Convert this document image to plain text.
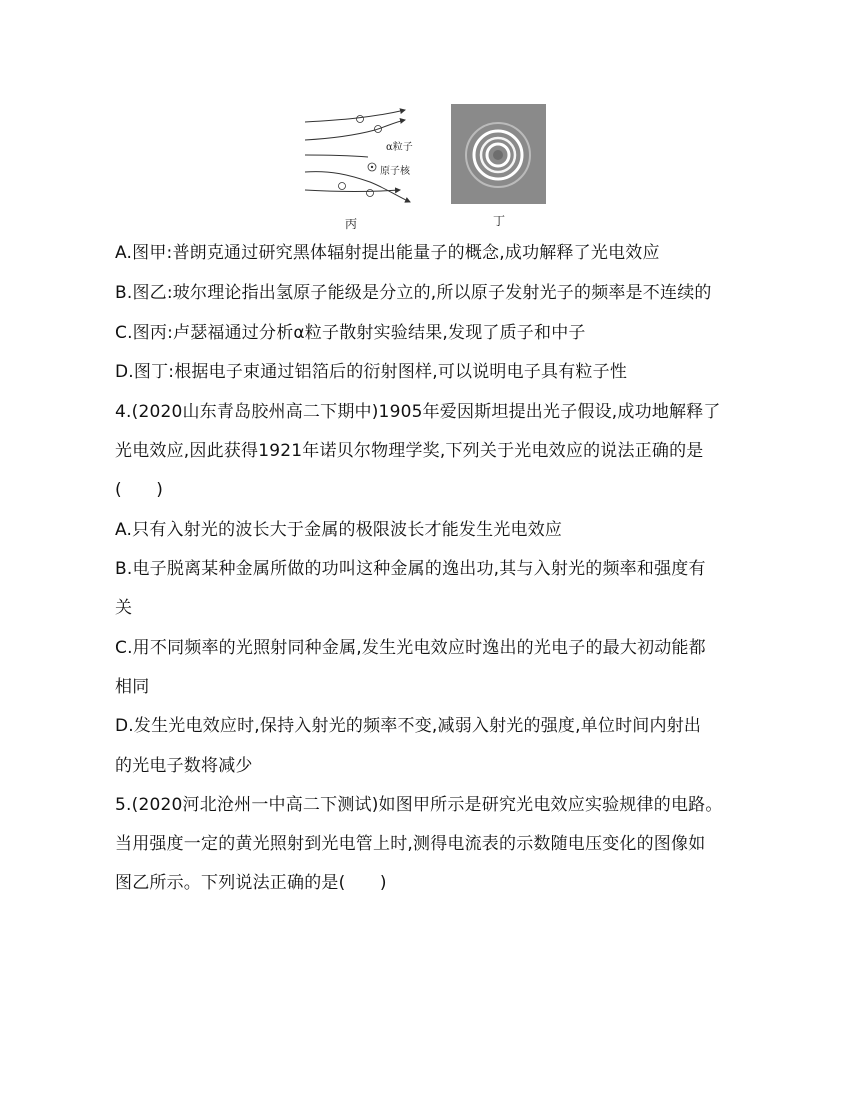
α粒子
原子核
丙	丁
A.图甲:普朗克通过研究黑体辐射提出能量子的概念,成功解释了光电效应
B.图乙:玻尔理论指出氢原子能级是分立的,所以原子发射光子的频率是不连续的
C.图丙:卢瑟福通过分析α粒子散射实验结果,发现了质子和中子
D.图丁:根据电子束通过铝箔后的衍射图样,可以说明电子具有粒子性
4.(2020山东青岛胶州高二下期中)1905年爱因斯坦提出光子假设,成功地解释了
光电效应,因此获得1921年诺贝尔物理学奖,下列关于光电效应的说法正确的是
(　　)
A.只有入射光的波长大于金属的极限波长才能发生光电效应
B.电子脱离某种金属所做的功叫这种金属的逸出功,其与入射光的频率和强度有
关
C.用不同频率的光照射同种金属,发生光电效应时逸出的光电子的最大初动能都
相同
D.发生光电效应时,保持入射光的频率不变,减弱入射光的强度,单位时间内射出
的光电子数将减少
5.(2020河北沧州一中高二下测试)如图甲所示是研究光电效应实验规律的电路。
当用强度一定的黄光照射到光电管上时,测得电流表的示数随电压变化的图像如
图乙所示。下列说法正确的是(　　)
